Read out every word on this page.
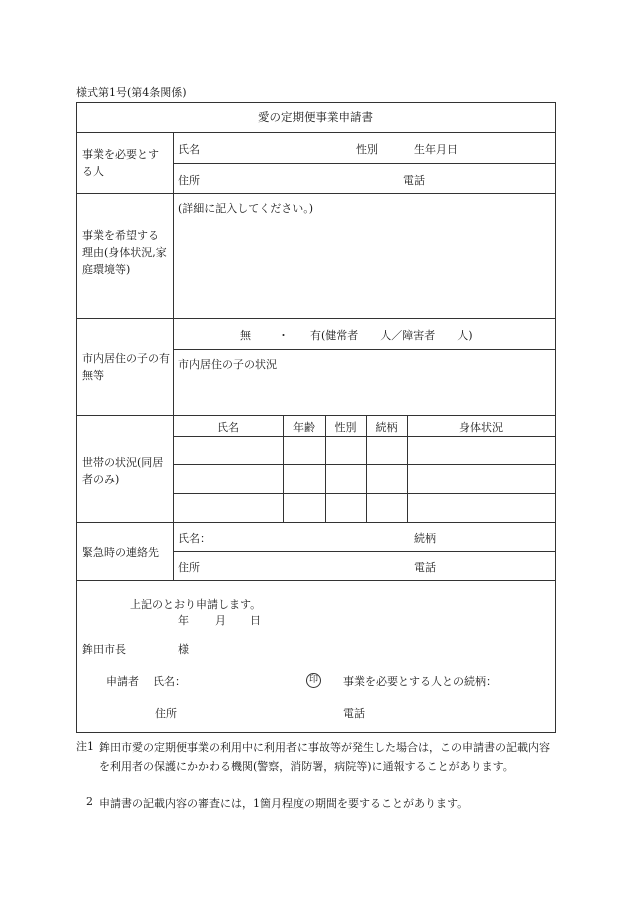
様式第1号(第4条関係)
愛の定期便事業申請書
事業を必要とする人
氏名	性別	生年月日
住所	電話
事業を希望する理由(身体状況,家庭環境等)
(詳細に記入してください。)
市内居住の子の有無等
無 ・ 有(健常者　　人／障害者　　人)
市内居住の子の状況
世帯の状況(同居者のみ)
氏名	年齢	性別	続柄	身体状況
緊急時の連絡先
氏名：	続柄
住所	電話
上記のとおり申請します。
年 月 日
鉾田市長	様
申請者 氏名：	印 事業を必要とする人との続柄：
住所	電話
注1 鉾田市愛の定期便事業の利用中に利用者に事故等が発生した場合は，この申請書の記載内容を利用者の保護にかかわる機関(警察，消防署，病院等)に通報することがあります。
2 申請書の記載内容の審査には，1箇月程度の期間を要することがあります。
